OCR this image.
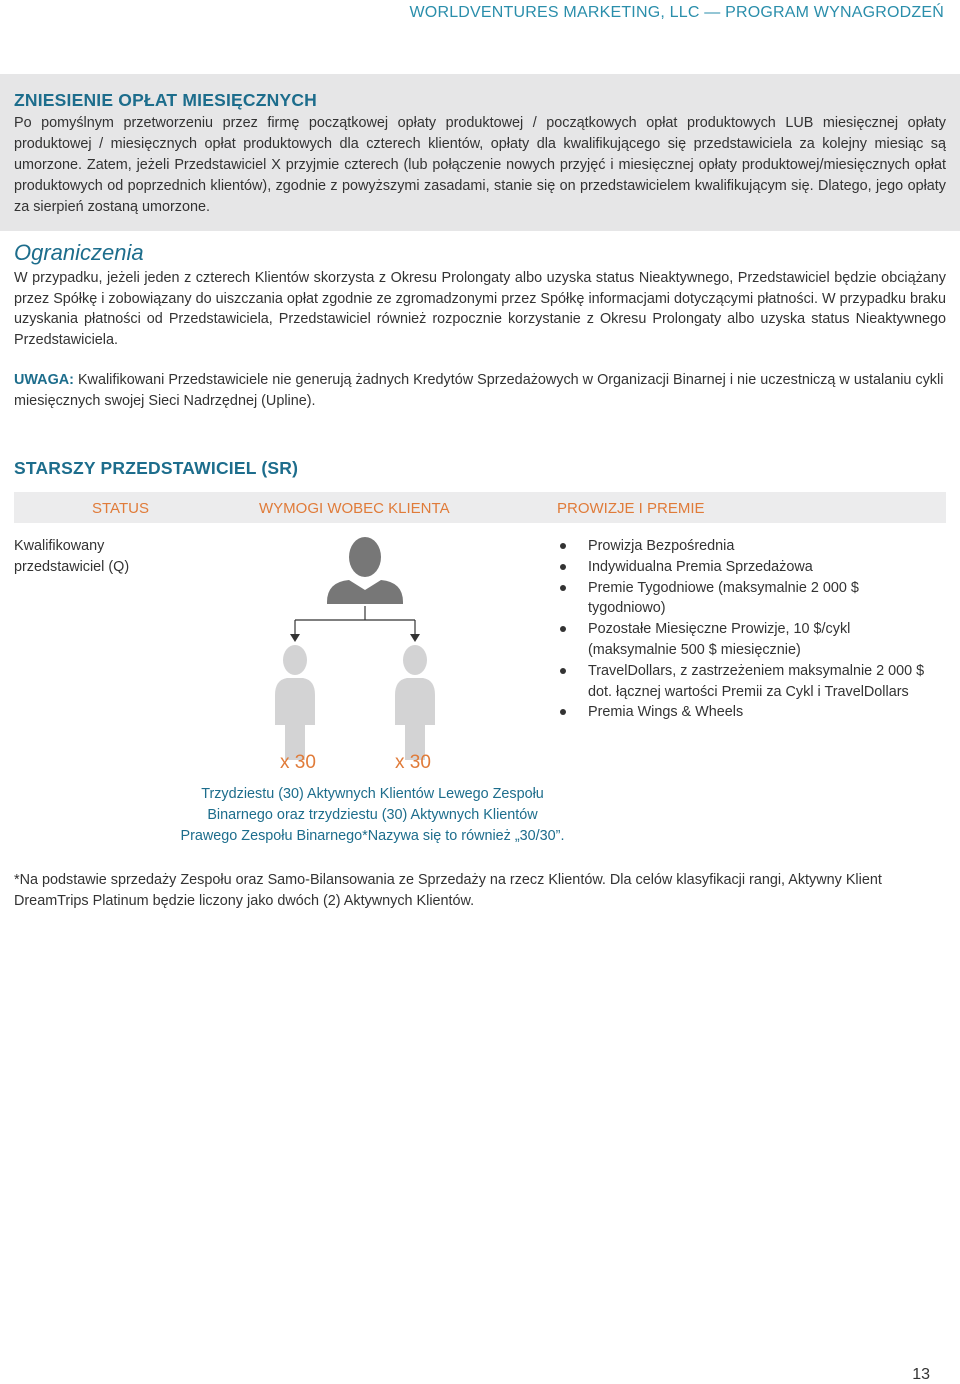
WORLDVENTURES MARKETING, LLC — PROGRAM WYNAGRODZEŃ
ZNIESIENIE OPŁAT MIESIĘCZNYCH

Po pomyślnym przetworzeniu przez firmę początkowej opłaty produktowej / początkowych opłat produktowych LUB miesięcznej opłaty produktowej / miesięcznych opłat produktowych dla czterech klientów, opłaty dla kwalifikującego się przedstawiciela za kolejny miesiąc są umorzone. Zatem, jeżeli Przedstawiciel X przyjmie czterech (lub połączenie nowych przyjęć i miesięcznej opłaty produktowej/miesięcznych opłat produktowych od poprzednich klientów), zgodnie z powyższymi zasadami, stanie się on przedstawicielem kwalifikującym się. Dlatego, jego opłaty za sierpień zostaną umorzone.

Ograniczenia

W przypadku, jeżeli jeden z czterech Klientów skorzysta z Okresu Prolongaty albo uzyska status Nieaktywnego, Przedstawiciel będzie obciążany przez Spółkę i zobowiązany do uiszczania opłat zgodnie ze zgromadzonymi przez Spółkę informacjami dotyczącymi płatności. W przypadku braku uzyskania płatności od Przedstawiciela, Przedstawiciel również rozpocznie korzystanie z Okresu Prolongaty albo uzyska status Nieaktywnego Przedstawiciela.

UWAGA: Kwalifikowani Przedstawiciele nie generują żadnych Kredytów Sprzedażowych w Organizacji Binarnej i nie uczestniczą w ustalaniu cykli miesięcznych swojej Sieci Nadrzędnej (Upline).

STARSZY PRZEDSTAWICIEL (SR)
STATUS	WYMOGI WOBEC KLIENTA	PROWIZJE I PREMIE
Kwalifikowany
przedstawiciel (Q)
x 30	x 30
Trzydziestu (30) Aktywnych Klientów Lewego Zespołu
Binarnego oraz trzydziestu (30) Aktywnych Klientów
Prawego Zespołu Binarnego*Nazywa się to również „30/30”.
Prowizja Bezpośrednia
Indywidualna Premia Sprzedażowa
Premie Tygodniowe (maksymalnie 2 000 $ tygodniowo)
Pozostałe Miesięczne Prowizje, 10 $/cykl (maksymalnie 500 $ miesięcznie)
TravelDollars, z zastrzeżeniem maksymalnie 2 000 $ dot. łącznej wartości Premii za Cykl i TravelDollars
Premia Wings & Wheels

*Na podstawie sprzedaży Zespołu oraz Samo-Bilansowania ze Sprzedaży na rzecz Klientów. Dla celów klasyfikacji rangi, Aktywny Klient DreamTrips Platinum będzie liczony jako dwóch (2) Aktywnych Klientów.

13
